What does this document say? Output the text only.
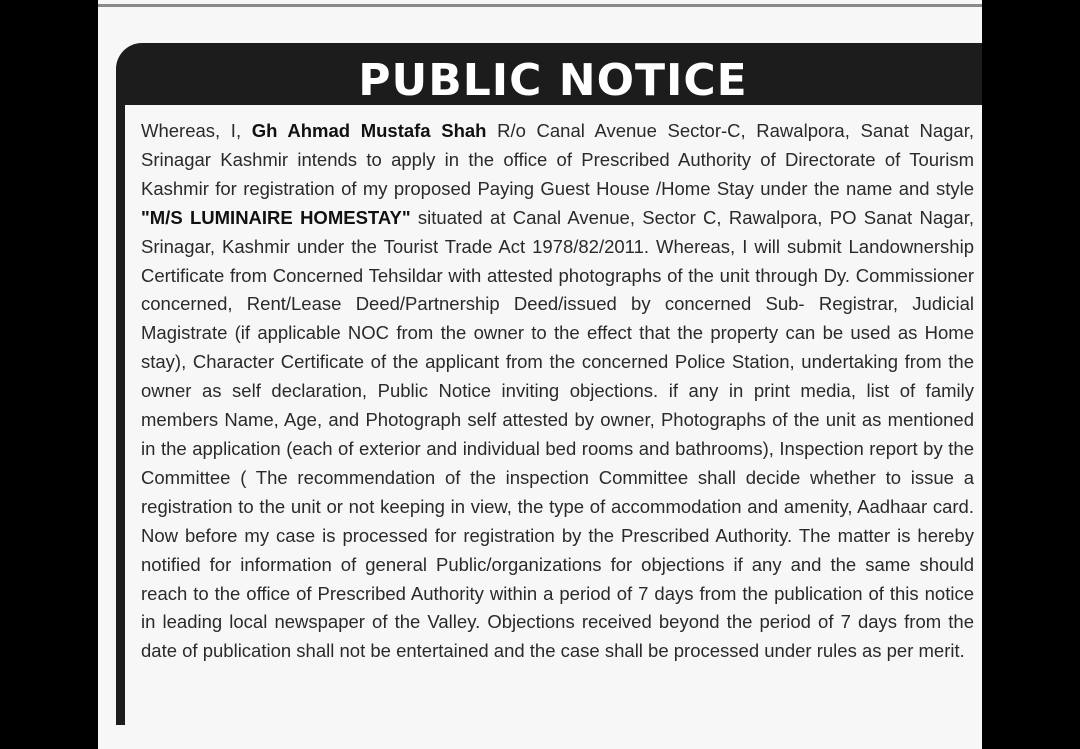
PUBLIC NOTICE

Whereas, I, Gh Ahmad Mustafa Shah R/o Canal Avenue Sector-C, Rawalpora, Sanat Nagar, Srinagar Kashmir intends to apply in the office of Prescribed Authority of Directorate of Tourism Kashmir for registration of my proposed Paying Guest House /Home Stay under the name and style "M/S LUMINAIRE HOMESTAY" situated at Canal Avenue, Sector C, Rawalpora, PO Sanat Nagar, Srinagar, Kashmir under the Tourist Trade Act 1978/82/2011. Whereas, I will submit Landownership Certificate from Concerned Tehsildar with attested photographs of the unit through Dy. Commissioner concerned, Rent/Lease Deed/Partnership Deed/issued by concerned Sub- Registrar, Judicial Magistrate (if applicable NOC from the owner to the effect that the property can be used as Home stay), Character Certificate of the applicant from the concerned Police Station, undertaking from the owner as self declaration, Public Notice inviting objections. if any in print media, list of family members Name, Age, and Photograph self attested by owner, Photographs of the unit as mentioned in the application (each of exterior and individual bed rooms and bathrooms), Inspection report by the Committee ( The recommendation of the inspection Committee shall decide whether to issue a registration to the unit or not keeping in view, the type of accommodation and amenity, Aadhaar card. Now before my case is processed for registration by the Prescribed Authority. The matter is hereby notified for information of general Public/organizations for objections if any and the same should reach to the office of Prescribed Authority within a period of 7 days from the publication of this notice in leading local newspaper of the Valley. Objections received beyond the period of 7 days from the date of publication shall not be entertained and the case shall be processed under rules as per merit.
